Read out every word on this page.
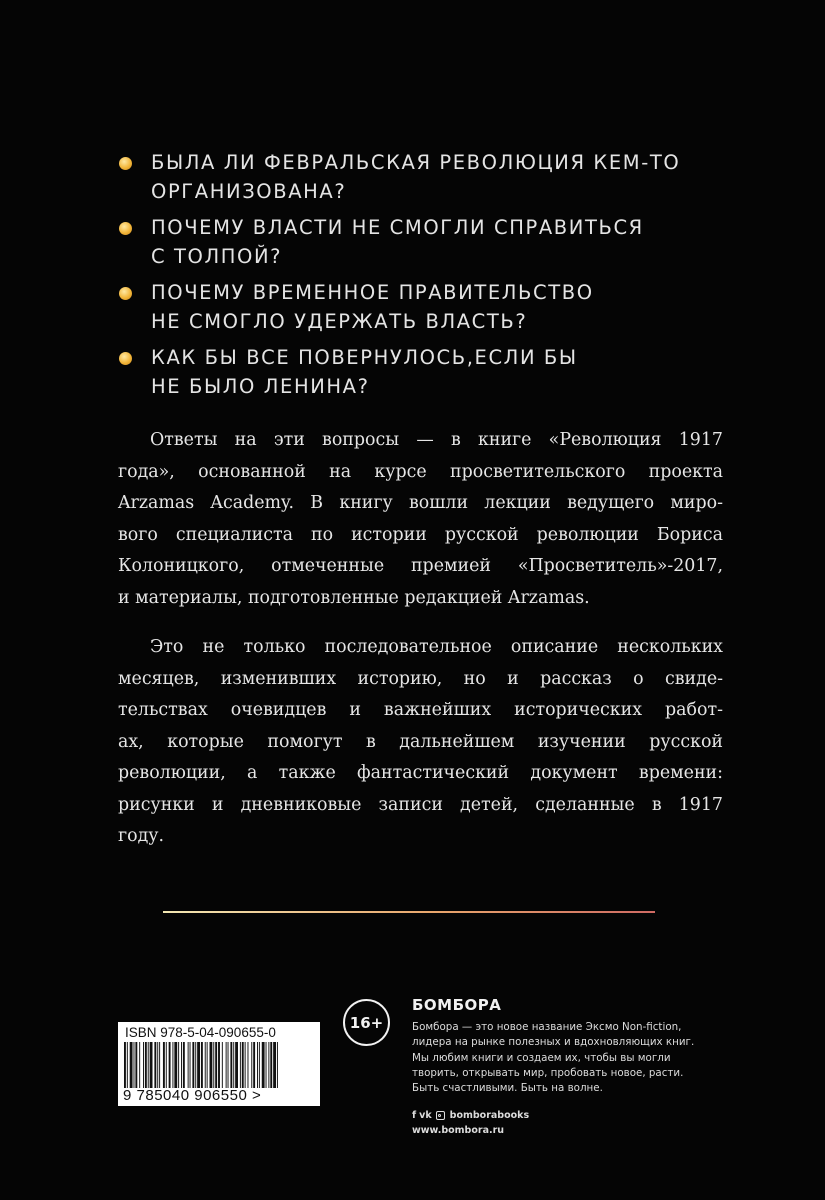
БЫЛА ЛИ ФЕВРАЛЬСКАЯ РЕВОЛЮЦИЯ КЕМ-ТО
ОРГАНИЗОВАНА?
ПОЧЕМУ ВЛАСТИ НЕ СМОГЛИ СПРАВИТЬСЯ
С ТОЛПОЙ?
ПОЧЕМУ ВРЕМЕННОЕ ПРАВИТЕЛЬСТВО
НЕ СМОГЛО УДЕРЖАТЬ ВЛАСТЬ?
КАК БЫ ВСЕ ПОВЕРНУЛОСЬ,ЕСЛИ БЫ
НЕ БЫЛО ЛЕНИНА?
Ответы на эти вопросы — в книге «Революция 1917
года», основанной на курсе просветительского проекта
Arzamas Academy. В книгу вошли лекции ведущего миро-
вого специалиста по истории русской революции Бориса
Колоницкого, отмеченные премией «Просветитель»-2017,
и материалы, подготовленные редакцией Arzamas.
Это не только последовательное описание нескольких
месяцев, изменивших историю, но и рассказ о свиде-
тельствах очевидцев и важнейших исторических работ-
ах, которые помогут в дальнейшем изучении русской
революции, а также фантастический документ времени:
рисунки и дневниковые записи детей, сделанные в 1917
году.
ISBN 978-5-04-090655-0
9 785040 906550 >
16+
БОМБОРА
Бомбора — это новое название Эксмо Non-fiction,
лидера на рынке полезных и вдохновляющих книг.
Мы любим книги и создаем их, чтобы вы могли
творить, открывать мир, пробовать новое, расти.
Быть счастливыми. Быть на волне.
f vk bomborabooks
www.bombora.ru
